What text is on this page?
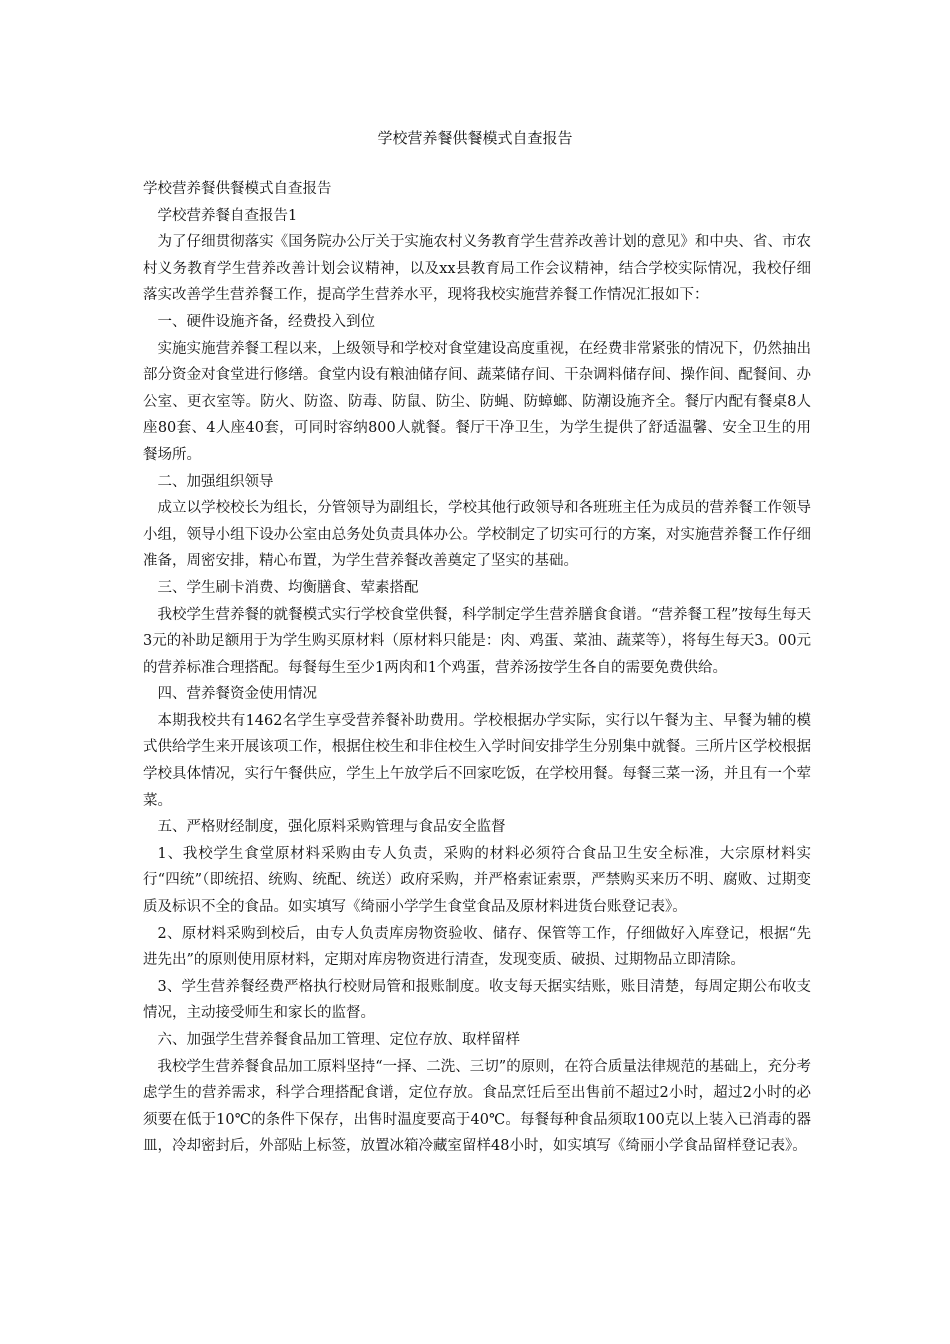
学校营养餐供餐模式自查报告

学校营养餐供餐模式自查报告

学校营养餐自查报告1

为了仔细贯彻落实《国务院办公厅关于实施农村义务教育学生营养改善计划的意见》和中央、省、市农村义务教育学生营养改善计划会议精神，以及xx县教育局工作会议精神，结合学校实际情况，我校仔细落实改善学生营养餐工作，提高学生营养水平，现将我校实施营养餐工作情况汇报如下：

一、硬件设施齐备，经费投入到位

实施实施营养餐工程以来，上级领导和学校对食堂建设高度重视，在经费非常紧张的情况下，仍然抽出部分资金对食堂进行修缮。食堂内设有粮油储存间、蔬菜储存间、干杂调料储存间、操作间、配餐间、办公室、更衣室等。防火、防盗、防毒、防鼠、防尘、防蝇、防蟑螂、防潮设施齐全。餐厅内配有餐桌8人座80套、4人座40套，可同时容纳800人就餐。餐厅干净卫生，为学生提供了舒适温馨、安全卫生的用餐场所。

二、加强组织领导

成立以学校校长为组长，分管领导为副组长，学校其他行政领导和各班班主任为成员的营养餐工作领导小组，领导小组下设办公室由总务处负责具体办公。学校制定了切实可行的方案，对实施营养餐工作仔细准备，周密安排，精心布置，为学生营养餐改善奠定了坚实的基础。

三、学生刷卡消费、均衡膳食、荤素搭配

我校学生营养餐的就餐模式实行学校食堂供餐，科学制定学生营养膳食食谱。“营养餐工程”按每生每天3元的补助足额用于为学生购买原材料（原材料只能是：肉、鸡蛋、菜油、蔬菜等），将每生每天3。00元的营养标准合理搭配。每餐每生至少1两肉和1个鸡蛋，营养汤按学生各自的需要免费供给。

四、营养餐资金使用情况

本期我校共有1462名学生享受营养餐补助费用。学校根据办学实际，实行以午餐为主、早餐为辅的模式供给学生来开展该项工作，根据住校生和非住校生入学时间安排学生分别集中就餐。三所片区学校根据学校具体情况，实行午餐供应，学生上午放学后不回家吃饭，在学校用餐。每餐三菜一汤，并且有一个荤菜。

五、严格财经制度，强化原料采购管理与食品安全监督

1、我校学生食堂原材料采购由专人负责，采购的材料必须符合食品卫生安全标准，大宗原材料实行“四统”（即统招、统购、统配、统送）政府采购，并严格索证索票，严禁购买来历不明、腐败、过期变质及标识不全的食品。如实填写《绮丽小学学生食堂食品及原材料进货台账登记表》。

2、原材料采购到校后，由专人负责库房物资验收、储存、保管等工作，仔细做好入库登记，根据“先进先出”的原则使用原材料，定期对库房物资进行清查，发现变质、破损、过期物品立即清除。

3、学生营养餐经费严格执行校财局管和报账制度。收支每天据实结账，账目清楚，每周定期公布收支情况，主动接受师生和家长的监督。

六、加强学生营养餐食品加工管理、定位存放、取样留样

我校学生营养餐食品加工原料坚持“一择、二洗、三切”的原则，在符合质量法律规范的基础上，充分考虑学生的营养需求，科学合理搭配食谱，定位存放。食品烹饪后至出售前不超过2小时，超过2小时的必须要在低于10℃的条件下保存，出售时温度要高于40℃。每餐每种食品须取100克以上装入已消毒的器皿，冷却密封后，外部贴上标签，放置冰箱冷藏室留样48小时，如实填写《绮丽小学食品留样登记表》。
